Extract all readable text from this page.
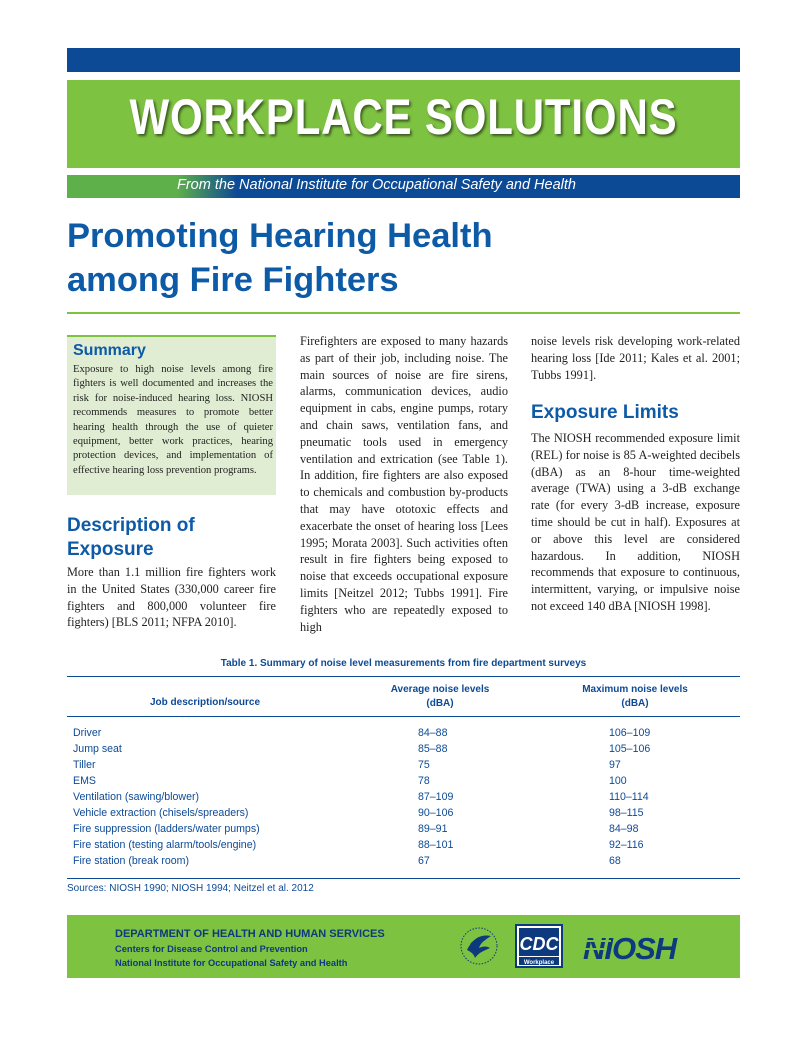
WORKPLACE SOLUTIONS
From the National Institute for Occupational Safety and Health
Promoting Hearing Health
among Fire Fighters
Summary
Exposure to high noise levels among fire fighters is well documented and increases the risk for noise-induced hearing loss. NIOSH recommends measures to promote better hearing health through the use of quieter equipment, better work practices, hearing protection devices, and implementation of effective hearing loss prevention programs.
Description of
Exposure
More than 1.1 million fire fighters work in the United States (330,000 career fire fighters and 800,000 volunteer fire fighters) [BLS 2011; NFPA 2010].
Firefighters are exposed to many hazards as part of their job, including noise. The main sources of noise are fire sirens, alarms, communication devices, audio equipment in cabs, engine pumps, rotary and chain saws, ventilation fans, and pneumatic tools used in emergency ventilation and extrication (see Table 1). In addition, fire fighters are also exposed to chemicals and combustion by-products that may have ototoxic effects and exacerbate the onset of hearing loss [Lees 1995; Morata 2003]. Such activities often result in fire fighters being exposed to noise that exceeds occupational exposure limits [Neitzel 2012; Tubbs 1991]. Fire fighters who are repeatedly exposed to high
noise levels risk developing work-related hearing loss [Ide 2011; Kales et al. 2001; Tubbs 1991].
Exposure Limits
The NIOSH recommended exposure limit (REL) for noise is 85 A-weighted decibels (dBA) as an 8-hour time-weighted average (TWA) using a 3-dB exchange rate (for every 3-dB increase, exposure time should be cut in half). Exposures at or above this level are considered hazardous. In addition, NIOSH recommends that exposure to continuous, intermittent, varying, or impulsive noise not exceed 140 dBA [NIOSH 1998].
Table 1. Summary of noise level measurements from fire department surveys
Job description/source
Average noise levels
(dBA)
Maximum noise levels
(dBA)
Driver	84–88	106–109
Jump seat	85–88	105–106
Tiller	75	97
EMS	78	100
Ventilation (sawing/blower)	87–109	110–114
Vehicle extraction (chisels/spreaders)	90–106	98–115
Fire suppression (ladders/water pumps)	89–91	84–98
Fire station (testing alarm/tools/engine)	88–101	92–116
Fire station (break room)	67	68
Sources: NIOSH 1990; NIOSH 1994; Neitzel et al. 2012
DEPARTMENT OF HEALTH AND HUMAN SERVICES
Centers for Disease Control and Prevention
National Institute for Occupational Safety and Health
CDC
Workplace NIOSH
